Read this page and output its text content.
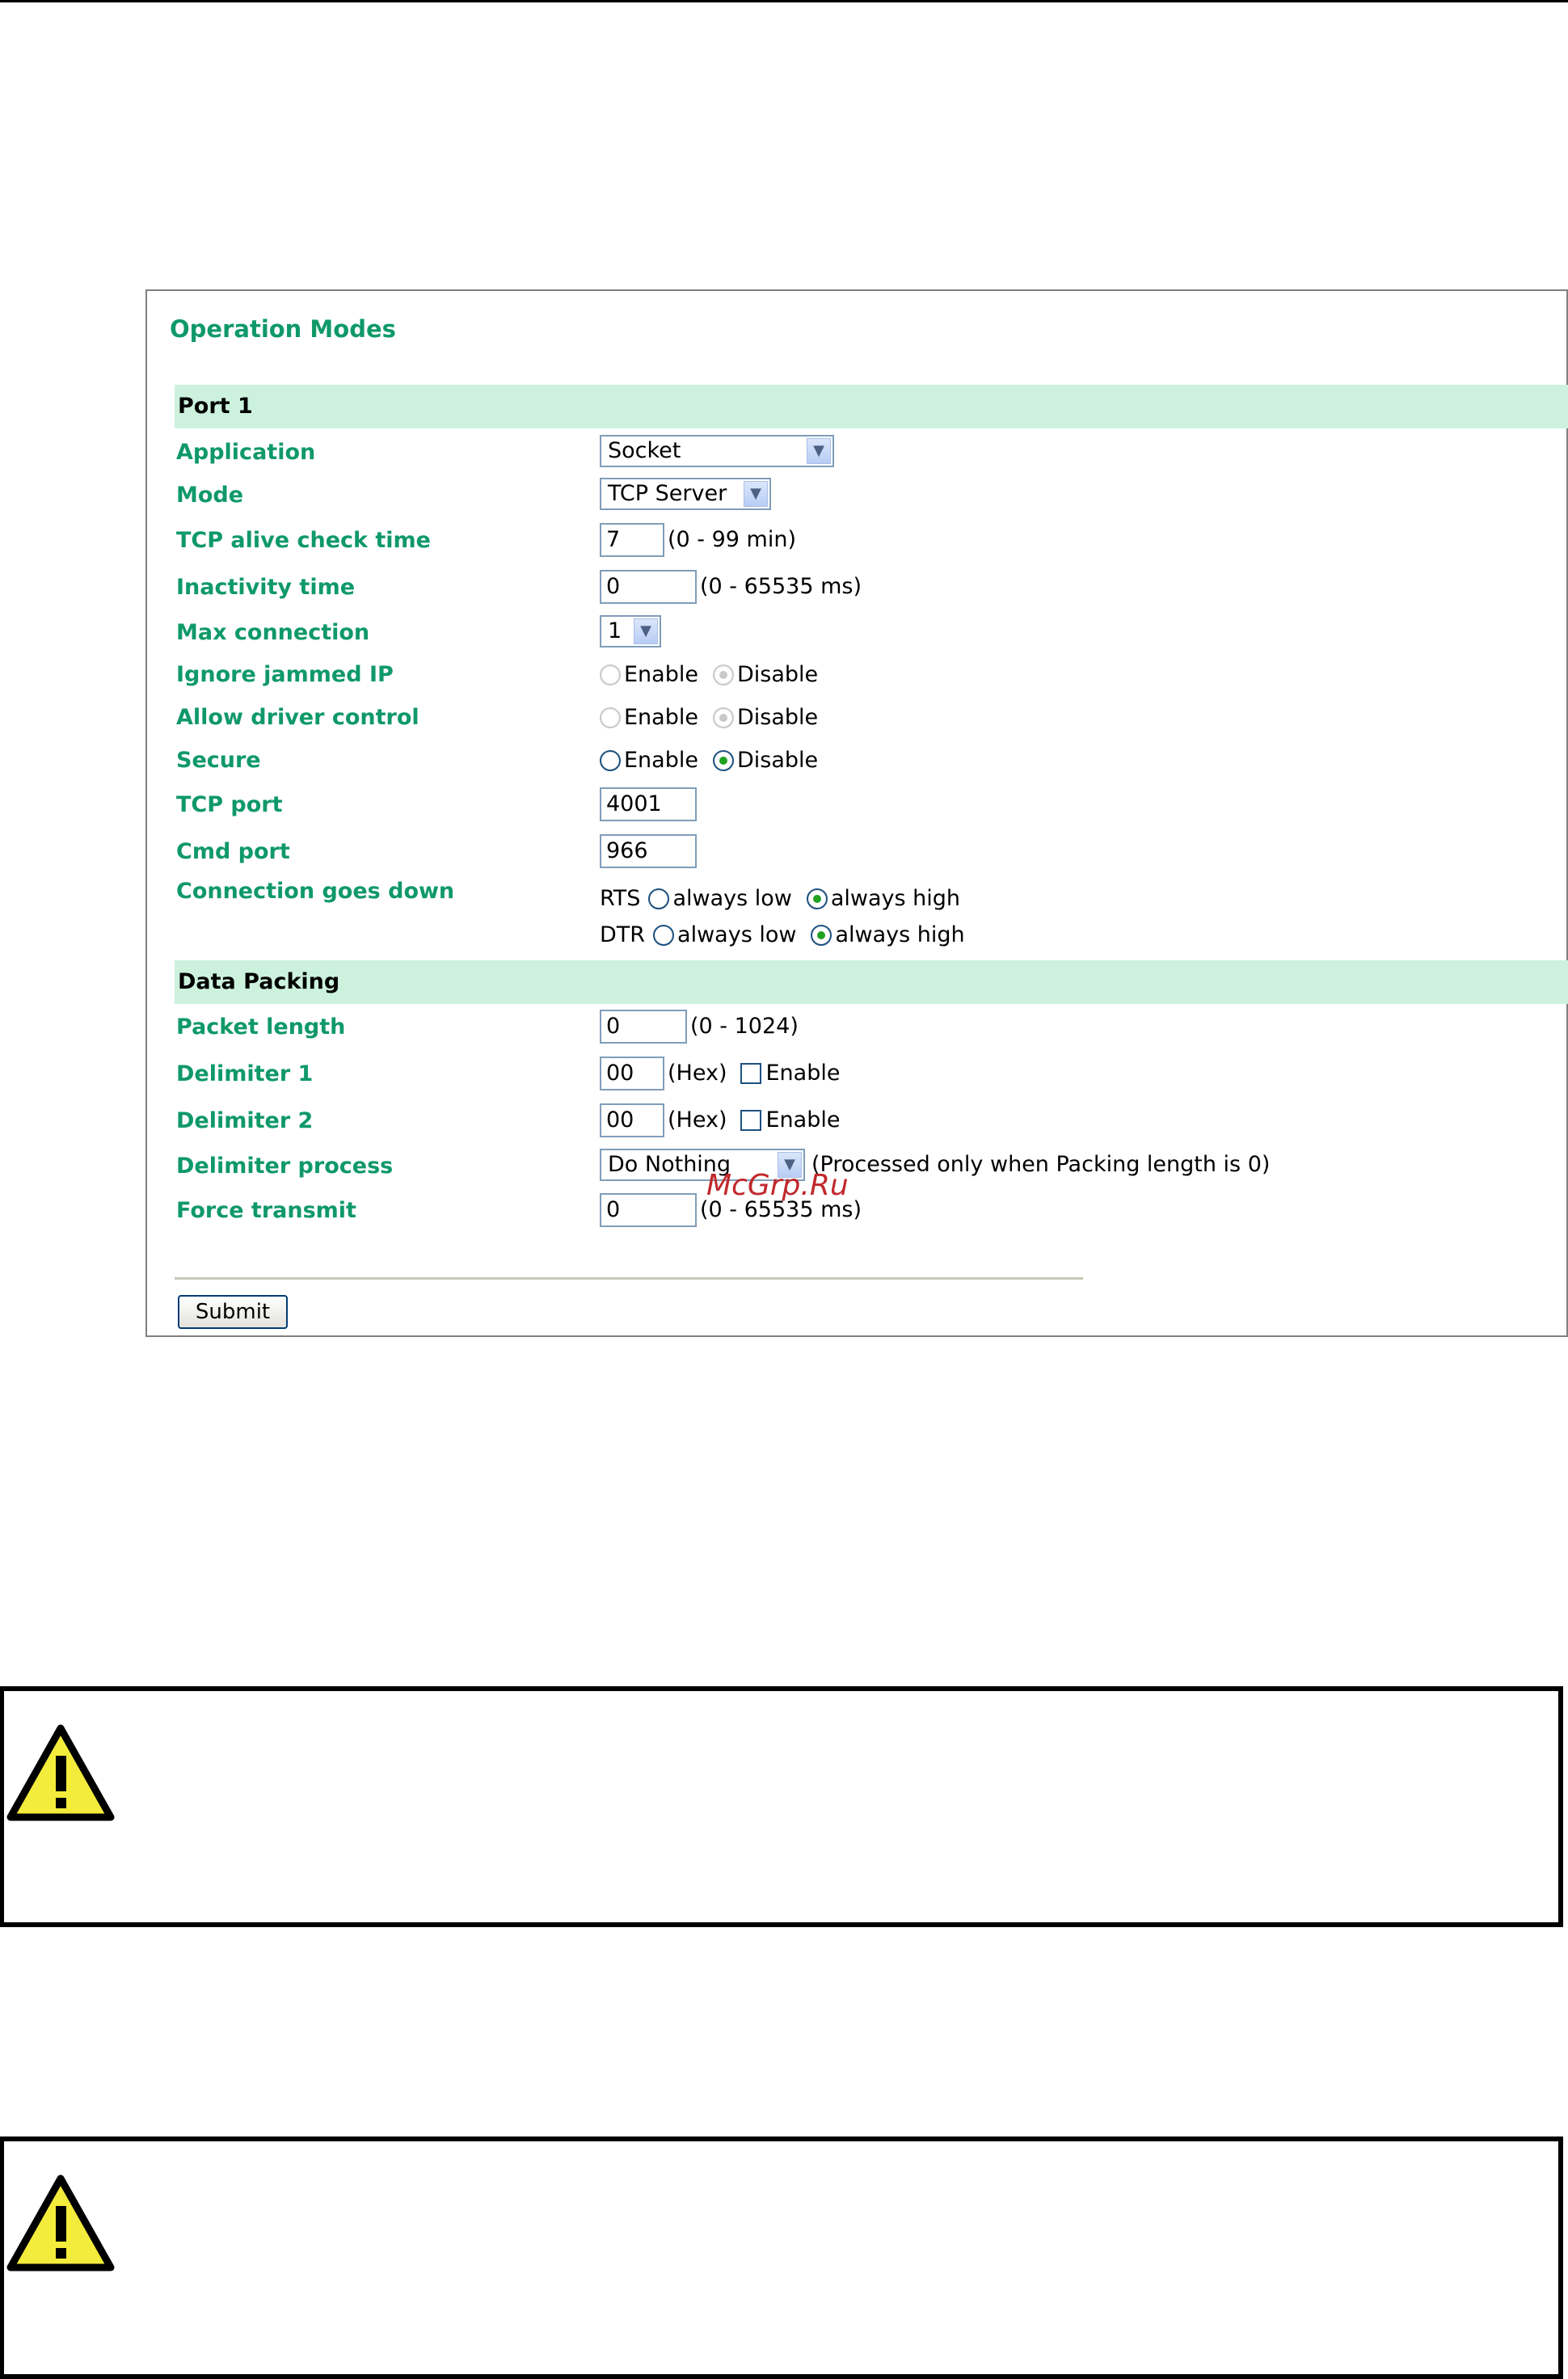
Operation Modes
Port 1
Application	Socket	▼
Mode	TCP Server	▼
TCP alive check time	7	(0 - 99 min)
Inactivity time	0	(0 - 65535 ms)
Max connection	1	▼
Ignore jammed IP	Enable Disable
Allow driver control	Enable Disable
Secure	Enable Disable
TCP port	4001
Cmd port	966
Connection goes down	RTS always low always high
DTR always low always high
Data Packing
Packet length	0	(0 - 1024)
Delimiter 1	00	(Hex) Enable
Delimiter 2	00	(Hex) Enable
Delimiter process	Do Nothing	▼ (Processed only when Packing length is 0)
Force transmit	0	(0 - 65535 ms)
Submit
McGrp.Ru
